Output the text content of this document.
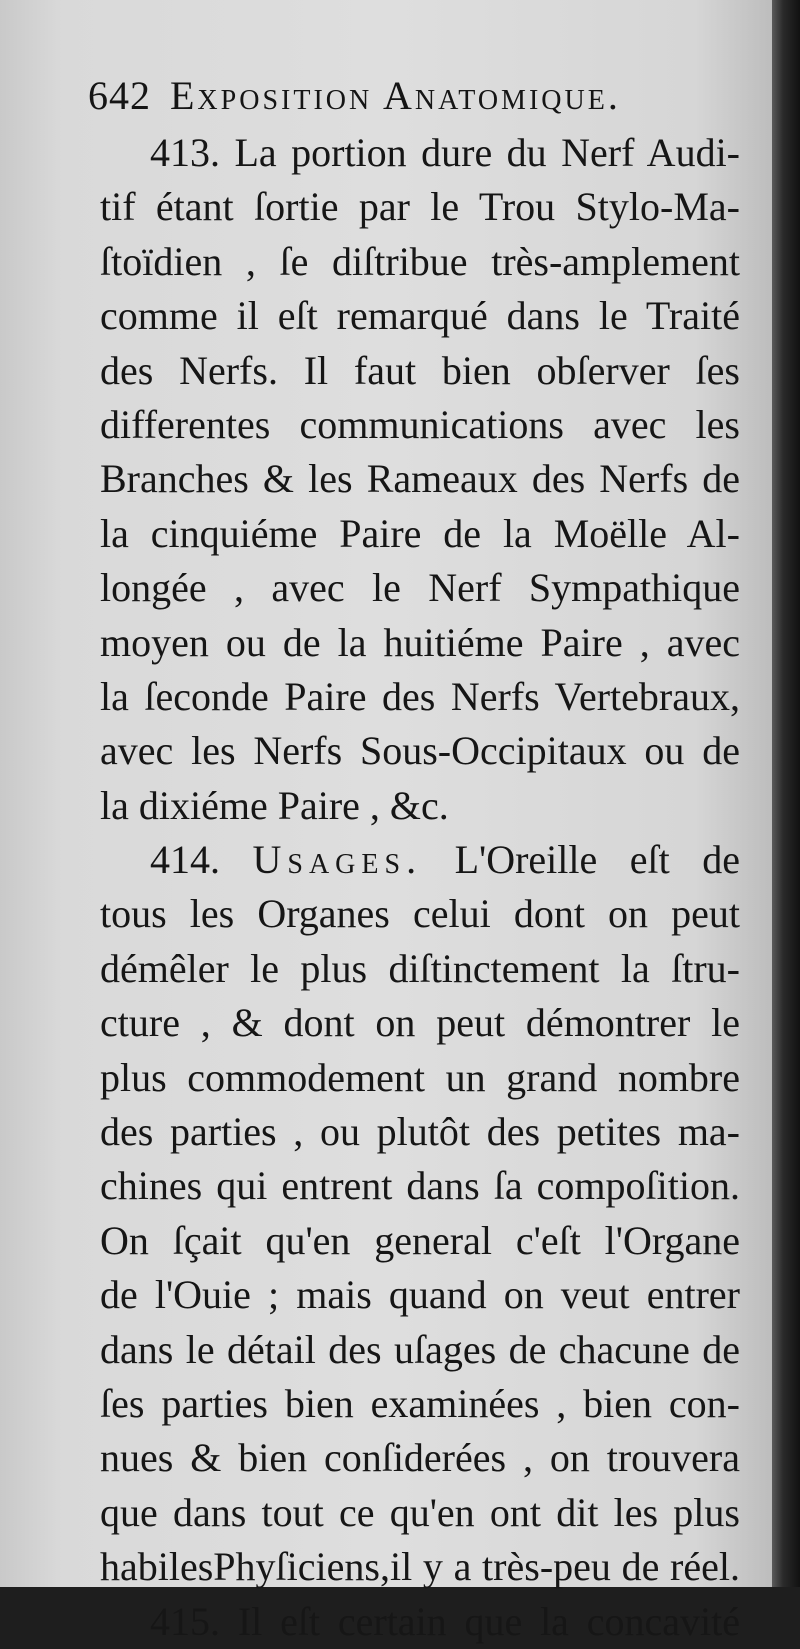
642 Exposition Anatomique.
413. La portion dure du Nerf Audi-
tif étant ſortie par le Trou Stylo-Ma-
ſtoïdien , ſe diſtribue très-amplement
comme il eſt remarqué dans le Traité
des Nerfs. Il faut bien obſerver ſes
differentes communications avec les
Branches & les Rameaux des Nerfs de
la cinquiéme Paire de la Moëlle Al-
longée , avec le Nerf Sympathique
moyen ou de la huitiéme Paire , avec
la ſeconde Paire des Nerfs Vertebraux,
avec les Nerfs Sous-Occipitaux ou de
la dixiéme Paire , &c.
414. Usages. L'Oreille eſt de
tous les Organes celui dont on peut
démêler le plus diſtinctement la ſtru-
cture , & dont on peut démontrer le
plus commodement un grand nombre
des parties , ou plutôt des petites ma-
chines qui entrent dans ſa compoſition.
On ſçait qu'en general c'eſt l'Organe
de l'Ouie ; mais quand on veut entrer
dans le détail des uſages de chacune de
ſes parties bien examinées , bien con-
nues & bien conſiderées , on trouvera
que dans tout ce qu'en ont dit les plus
habilesPhyſiciens,il y a très-peu de réel.
415. Il eſt certain que la concavité
